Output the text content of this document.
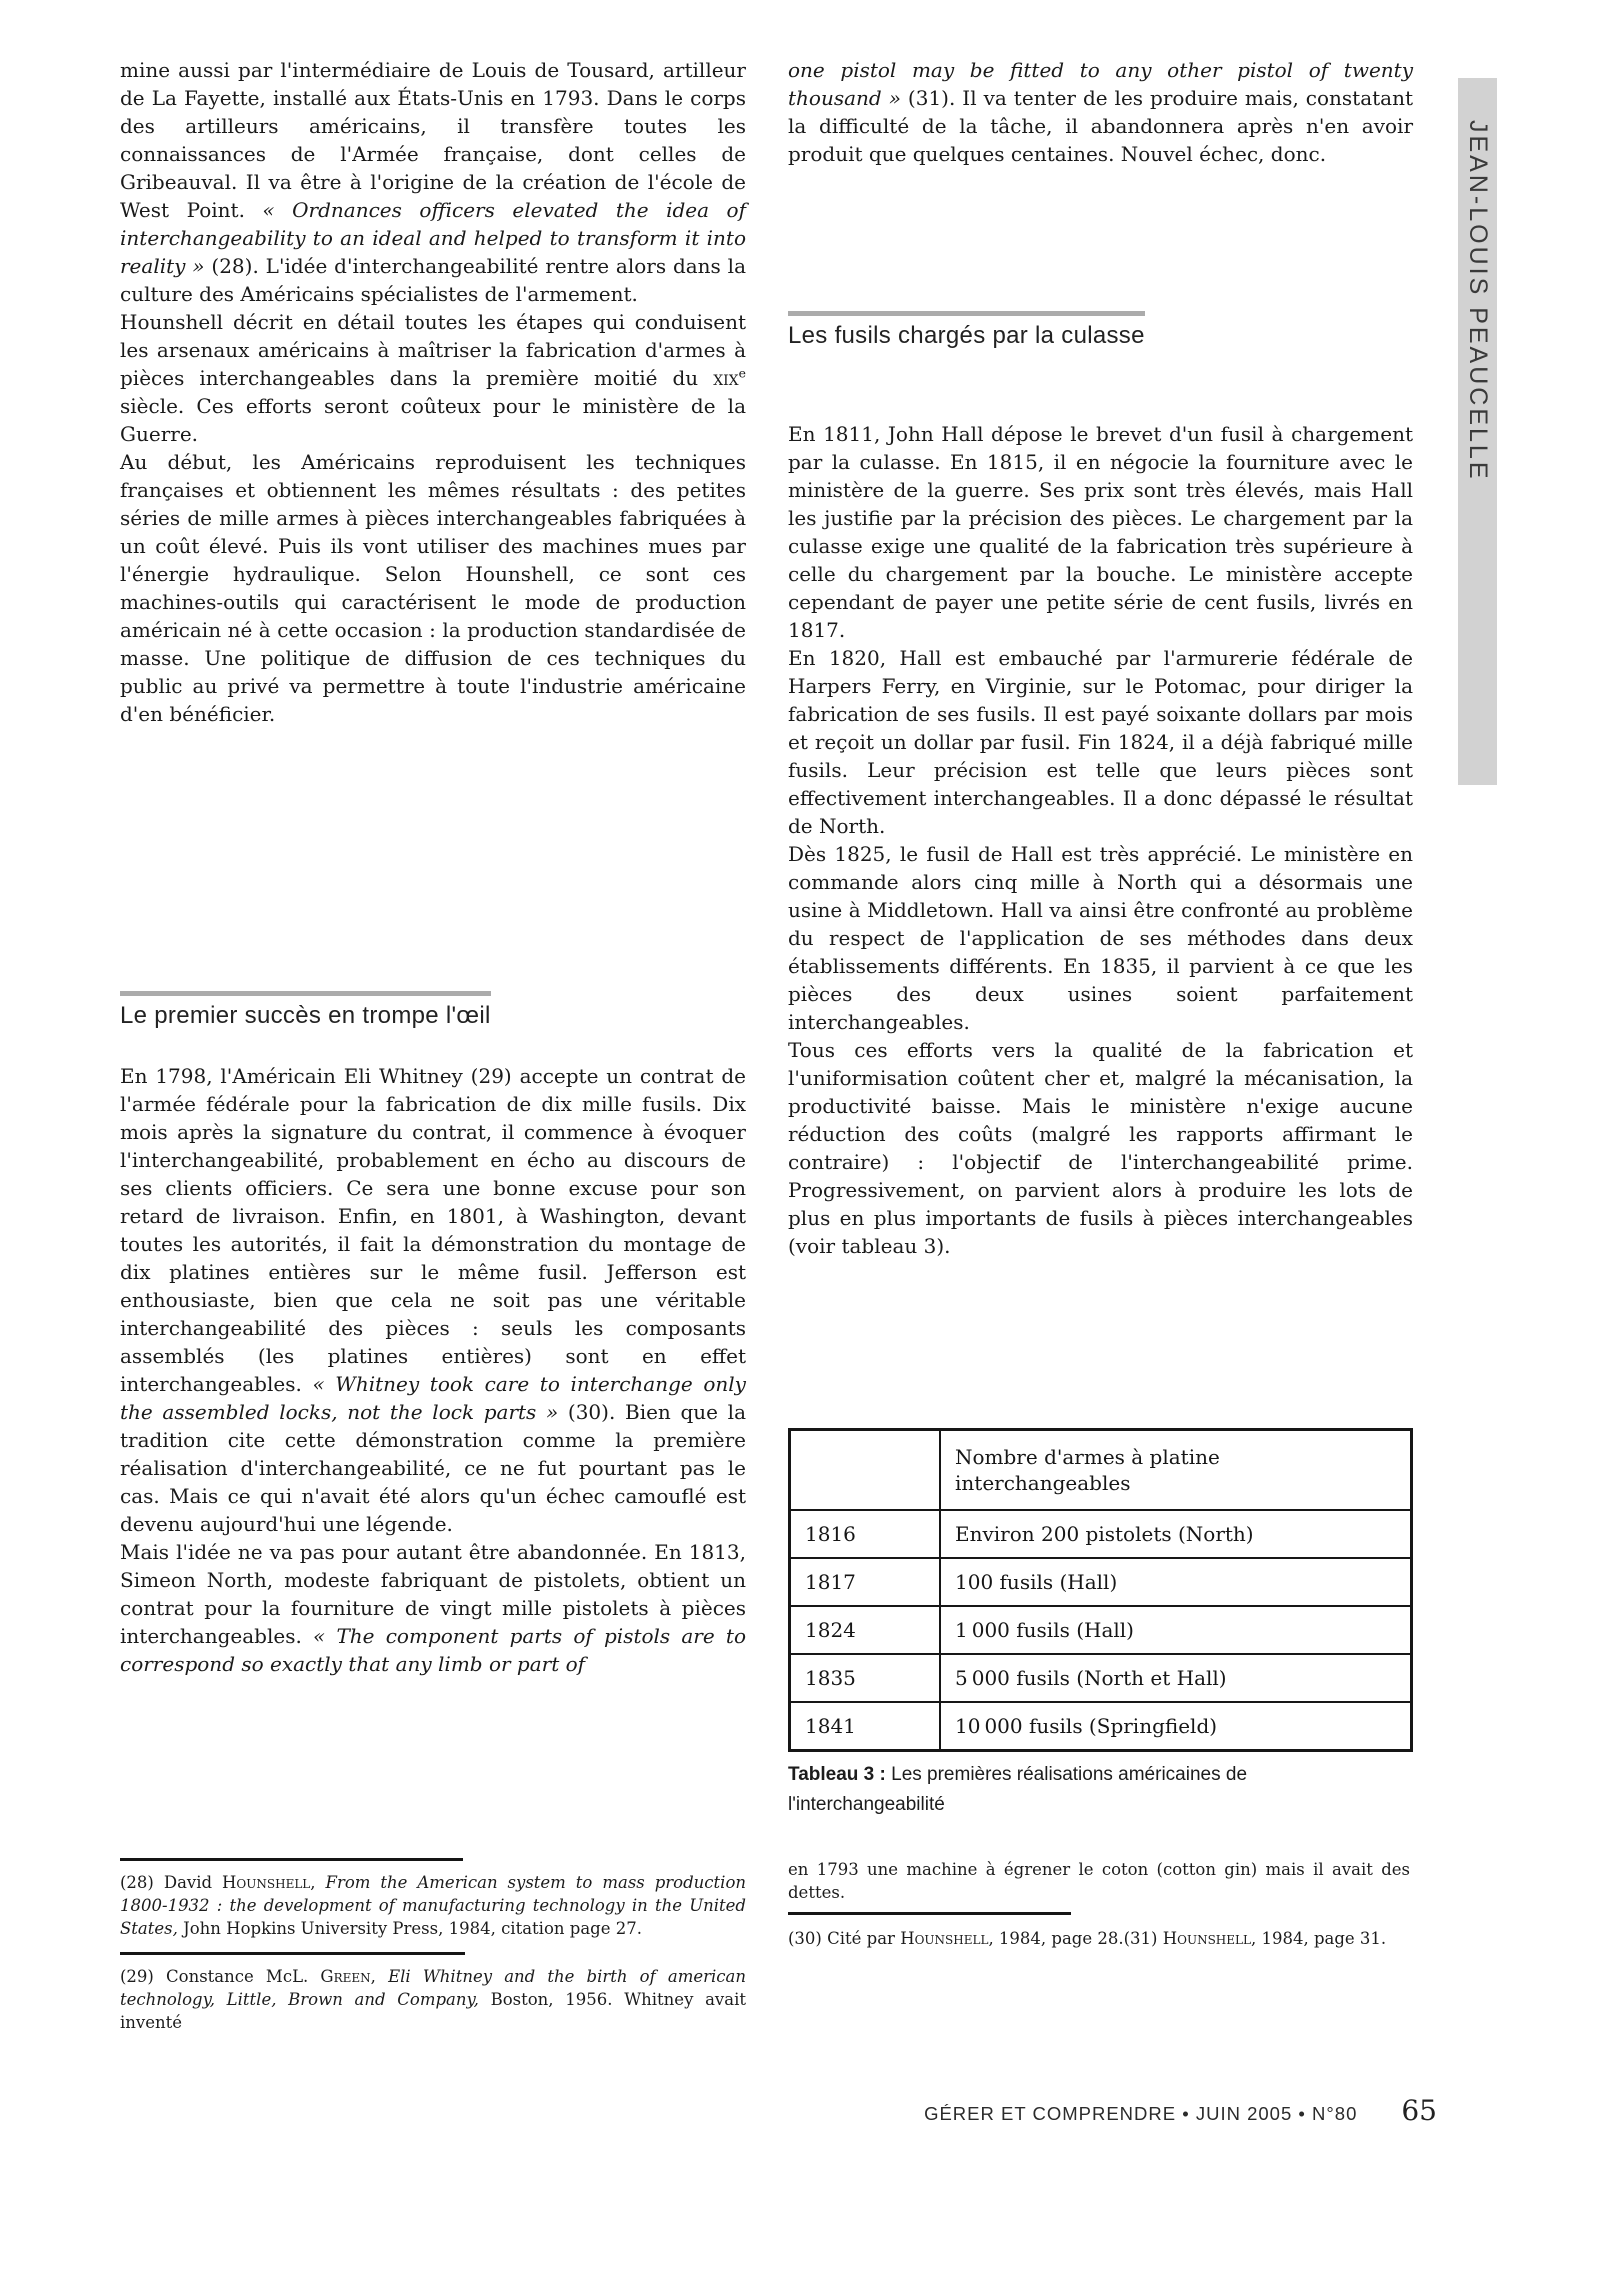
mine aussi par l'intermédiaire de Louis de Tousard, artilleur de La Fayette, installé aux États-Unis en 1793. Dans le corps des artilleurs américains, il transfère toutes les connaissances de l'Armée française, dont celles de Gribeauval. Il va être à l'origine de la création de l'école de West Point. « Ordnances officers elevated the idea of interchangeability to an ideal and helped to transform it into reality » (28). L'idée d'interchangeabilité rentre alors dans la culture des Américains spécialistes de l'armement.

Hounshell décrit en détail toutes les étapes qui conduisent les arsenaux américains à maîtriser la fabrication d'armes à pièces interchangeables dans la première moitié du xix$^e$ siècle. Ces efforts seront coûteux pour le ministère de la Guerre.

Au début, les Américains reproduisent les techniques françaises et obtiennent les mêmes résultats : des petites séries de mille armes à pièces interchangeables fabriquées à un coût élevé. Puis ils vont utiliser des machines mues par l'énergie hydraulique. Selon Hounshell, ce sont ces machines-outils qui caractérisent le mode de production américain né à cette occasion : la production standardisée de masse. Une politique de diffusion de ces techniques du public au privé va permettre à toute l'industrie américaine d'en bénéficier.

Le premier succès en trompe l'œil

En 1798, l'Américain Eli Whitney (29) accepte un contrat de l'armée fédérale pour la fabrication de dix mille fusils. Dix mois après la signature du contrat, il commence à évoquer l'interchangeabilité, probablement en écho au discours de ses clients officiers. Ce sera une bonne excuse pour son retard de livraison. Enfin, en 1801, à Washington, devant toutes les autorités, il fait la démonstration du montage de dix platines entières sur le même fusil. Jefferson est enthousiaste, bien que cela ne soit pas une véritable interchangeabilité des pièces : seuls les composants assemblés (les platines entières) sont en effet interchangeables. « Whitney took care to interchange only the assembled locks, not the lock parts » (30). Bien que la tradition cite cette démonstration comme la première réalisation d'interchangeabilité, ce ne fut pourtant pas le cas. Mais ce qui n'avait été alors qu'un échec camouflé est devenu aujourd'hui une légende.

Mais l'idée ne va pas pour autant être abandonnée. En 1813, Simeon North, modeste fabriquant de pistolets, obtient un contrat pour la fourniture de vingt mille pistolets à pièces interchangeables. « The component parts of pistols are to correspond so exactly that any limb or part of

(28) David Hounshell, From the American system to mass production 1800-1932 : the development of manufacturing technology in the United States, John Hopkins University Press, 1984, citation page 27.

(29) Constance McL. Green, Eli Whitney and the birth of american technology, Little, Brown and Company, Boston, 1956. Whitney avait inventé

one pistol may be fitted to any other pistol of twenty thousand » (31). Il va tenter de les produire mais, constatant la difficulté de la tâche, il abandonnera après n'en avoir produit que quelques centaines. Nouvel échec, donc.

Les fusils chargés par la culasse

En 1811, John Hall dépose le brevet d'un fusil à chargement par la culasse. En 1815, il en négocie la fourniture avec le ministère de la guerre. Ses prix sont très élevés, mais Hall les justifie par la précision des pièces. Le chargement par la culasse exige une qualité de la fabrication très supérieure à celle du chargement par la bouche. Le ministère accepte cependant de payer une petite série de cent fusils, livrés en 1817.

En 1820, Hall est embauché par l'armurerie fédérale de Harpers Ferry, en Virginie, sur le Potomac, pour diriger la fabrication de ses fusils. Il est payé soixante dollars par mois et reçoit un dollar par fusil. Fin 1824, il a déjà fabriqué mille fusils. Leur précision est telle que leurs pièces sont effectivement interchangeables. Il a donc dépassé le résultat de North.

Dès 1825, le fusil de Hall est très apprécié. Le ministère en commande alors cinq mille à North qui a désormais une usine à Middletown. Hall va ainsi être confronté au problème du respect de l'application de ses méthodes dans deux établissements différents. En 1835, il parvient à ce que les pièces des deux usines soient parfaitement interchangeables.

Tous ces efforts vers la qualité de la fabrication et l'uniformisation coûtent cher et, malgré la mécanisation, la productivité baisse. Mais le ministère n'exige aucune réduction des coûts (malgré les rapports affirmant le contraire) : l'objectif de l'interchangeabilité prime. Progressivement, on parvient alors à produire les lots de plus en plus importants de fusils à pièces interchangeables (voir tableau 3).

	Nombre d'armes à platine interchangeables
1816	Environ 200 pistolets (North)
1817	100 fusils (Hall)
1824	1 000 fusils (Hall)
1835	5 000 fusils (North et Hall)
1841	10 000 fusils (Springfield)
Tableau 3 : Les premières réalisations américaines de l'interchangeabilité

en 1793 une machine à égrener le coton (cotton gin) mais il avait des dettes.

(30) Cité par Hounshell, 1984, page 28.(31) Hounshell, 1984, page 31.

JEAN-LOUIS PEAUCELLE
GÉRER ET COMPRENDRE • JUIN 2005 • N°80 65
